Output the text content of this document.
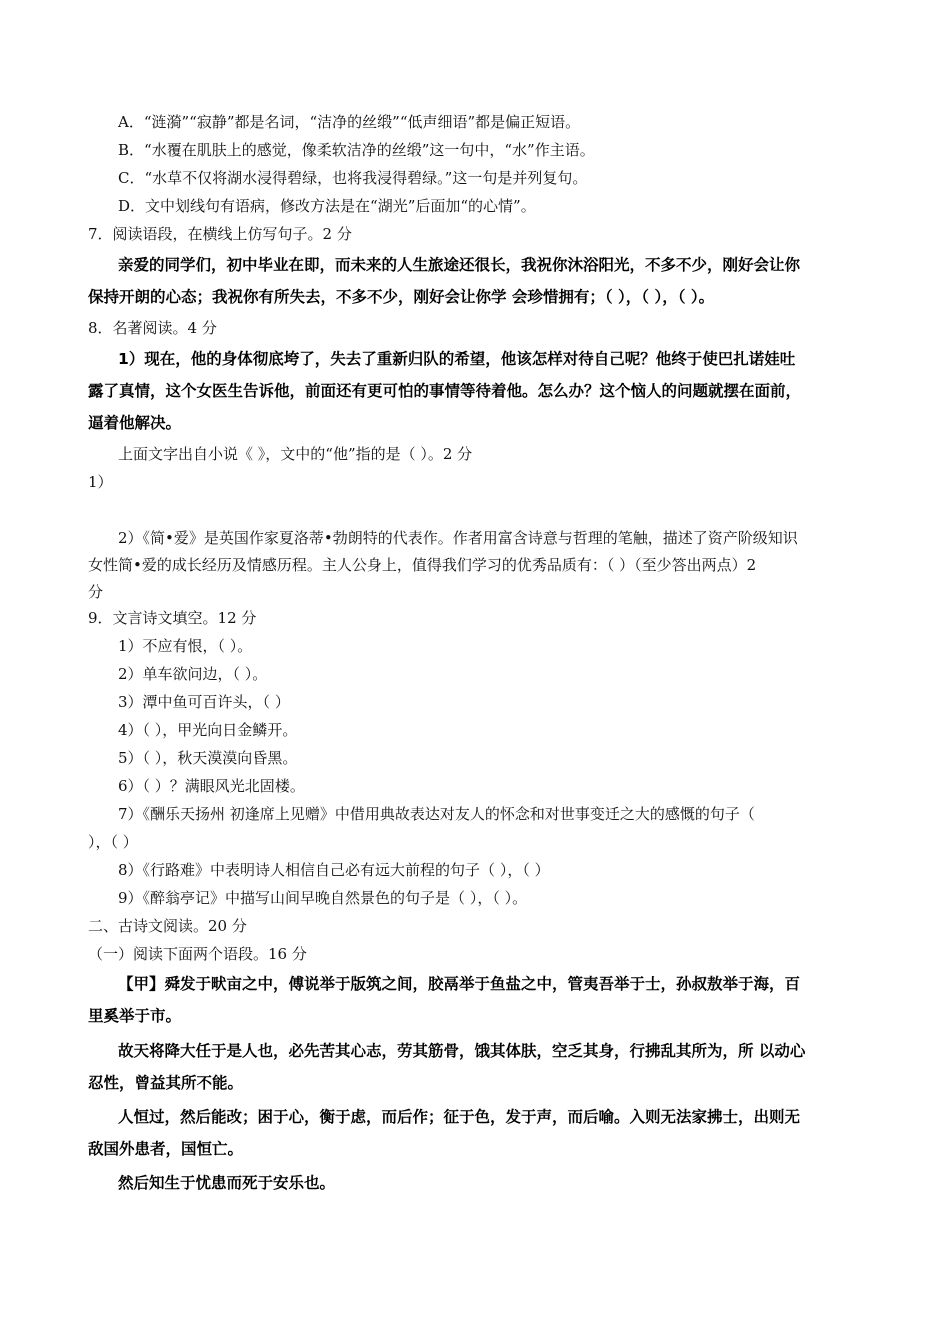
A．“涟漪”“寂静”都是名词，“洁净的丝缎”“低声细语”都是偏正短语。
B．“水覆在肌肤上的感觉，像柔软洁净的丝缎”这一句中，“水”作主语。
C．“水草不仅将湖水浸得碧绿，也将我浸得碧绿。”这一句是并列复句。
D．文中划线句有语病，修改方法是在“湖光”后面加“的心情”。
7．阅读语段，在横线上仿写句子。2 分
亲爱的同学们，初中毕业在即，而未来的人生旅途还很长，我祝你沐浴阳光，不多不少，刚好会让你
保持开朗的心态；我祝你有所失去，不多不少，刚好会让你学 会珍惜拥有；（ ），（ ），（ ）。
8．名著阅读。4 分
1）现在，他的身体彻底垮了，失去了重新归队的希望，他该怎样对待自己呢？他终于使巴扎诺娃吐
露了真情，这个女医生告诉他，前面还有更可怕的事情等待着他。怎么办？这个恼人的问题就摆在面前，
逼着他解决。
上面文字出自小说《 》，文中的“他”指的是（ ）。2 分
1）
2）《简•爱》是英国作家夏洛蒂•勃朗特的代表作。作者用富含诗意与哲理的笔触，描述了资产阶级知识
女性简•爱的成长经历及情感历程。主人公身上，值得我们学习的优秀品质有：（ ）（至少答出两点）2
分
9．文言诗文填空。12 分
1）不应有恨，（ ）。
2）单车欲问边，（ ）。
3）潭中鱼可百许头，（ ）
4）（ ），甲光向日金鳞开。
5）（ ），秋天漠漠向昏黑。
6）（ ）？满眼风光北固楼。
7）《酬乐天扬州 初逢席上见赠》中借用典故表达对友人的怀念和对世事变迁之大的感慨的句子（
），（ ）
8）《行路难》中表明诗人相信自己必有远大前程的句子（ ），（ ）
9）《醉翁亭记》中描写山间早晚自然景色的句子是（ ），（ ）。
二、古诗文阅读。20 分
（一）阅读下面两个语段。16 分
【甲】舜发于畎亩之中，傅说举于版筑之间，胶鬲举于鱼盐之中，管夷吾举于士，孙叔敖举于海，百
里奚举于市。
故天将降大任于是人也，必先苦其心志，劳其筋骨，饿其体肤，空乏其身，行拂乱其所为，所 以动心
忍性，曾益其所不能。
人恒过，然后能改；困于心，衡于虑，而后作；征于色，发于声，而后喻。入则无法家拂士，出则无
敌国外患者，国恒亡。
然后知生于忧患而死于安乐也。
